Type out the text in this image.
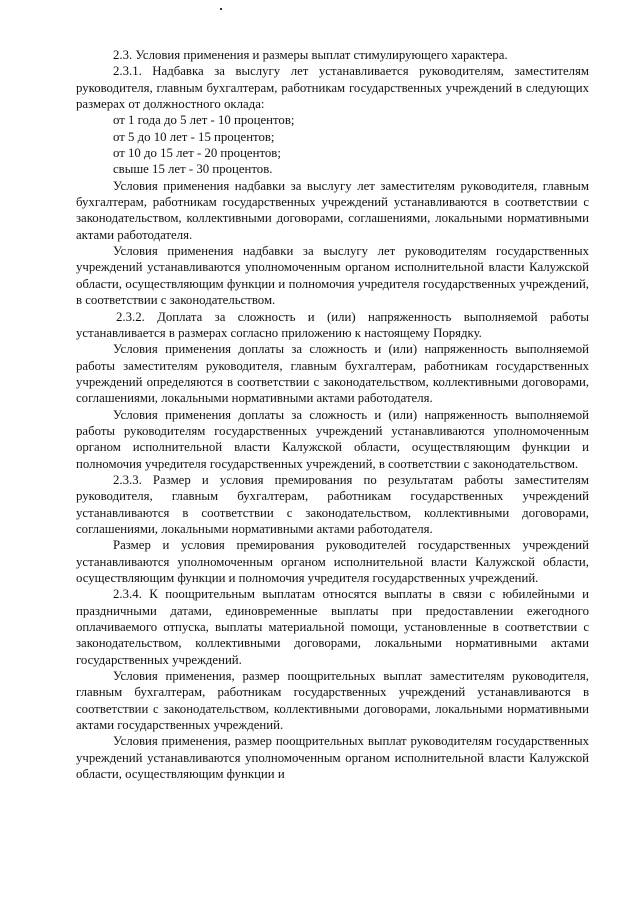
2.3. Условия применения и размеры выплат стимулирующего характера.

2.3.1. Надбавка за выслугу лет устанавливается руководителям, заместителям руководителя, главным бухгалтерам, работникам государственных учреждений в следующих размерах от должностного оклада:

от 1 года до 5 лет - 10 процентов;

от 5 до 10 лет - 15 процентов;

от 10 до 15 лет - 20 процентов;

свыше 15 лет - 30 процентов.

Условия применения надбавки за выслугу лет заместителям руководителя, главным бухгалтерам, работникам государственных учреждений устанавливаются в соответствии с законодательством, коллективными договорами, соглашениями, локальными нормативными актами работодателя.

Условия применения надбавки за выслугу лет руководителям государственных учреждений устанавливаются уполномоченным органом исполнительной власти Калужской области, осуществляющим функции и полномочия учредителя государственных учреждений, в соответствии с законодательством.

2.3.2. Доплата за сложность и (или) напряженность выполняемой работы устанавливается в размерах согласно приложению к настоящему Порядку.

Условия применения доплаты за сложность и (или) напряженность выполняемой работы заместителям руководителя, главным бухгалтерам, работникам государственных учреждений определяются в соответствии с законодательством, коллективными договорами, соглашениями, локальными нормативными актами работодателя.

Условия применения доплаты за сложность и (или) напряженность выполняемой работы руководителям государственных учреждений устанавливаются уполномоченным органом исполнительной власти Калужской области, осуществляющим функции и полномочия учредителя государственных учреждений, в соответствии с законодательством.

2.3.3. Размер и условия премирования по результатам работы заместителям руководителя, главным бухгалтерам, работникам государственных учреждений устанавливаются в соответствии с законодательством, коллективными договорами, соглашениями, локальными нормативными актами работодателя.

Размер и условия премирования руководителей государственных учреждений устанавливаются уполномоченным органом исполнительной власти Калужской области, осуществляющим функции и полномочия учредителя государственных учреждений.

2.3.4. К поощрительным выплатам относятся выплаты в связи с юбилейными и праздничными датами, единовременные выплаты при предоставлении ежегодного оплачиваемого отпуска, выплаты материальной помощи, установленные в соответствии с законодательством, коллективными договорами, локальными нормативными актами государственных учреждений.

Условия применения, размер поощрительных выплат заместителям руководителя, главным бухгалтерам, работникам государственных учреждений устанавливаются в соответствии с законодательством, коллективными договорами, локальными нормативными актами государственных учреждений.

Условия применения, размер поощрительных выплат руководителям государственных учреждений устанавливаются уполномоченным органом исполнительной власти Калужской области, осуществляющим функции и
